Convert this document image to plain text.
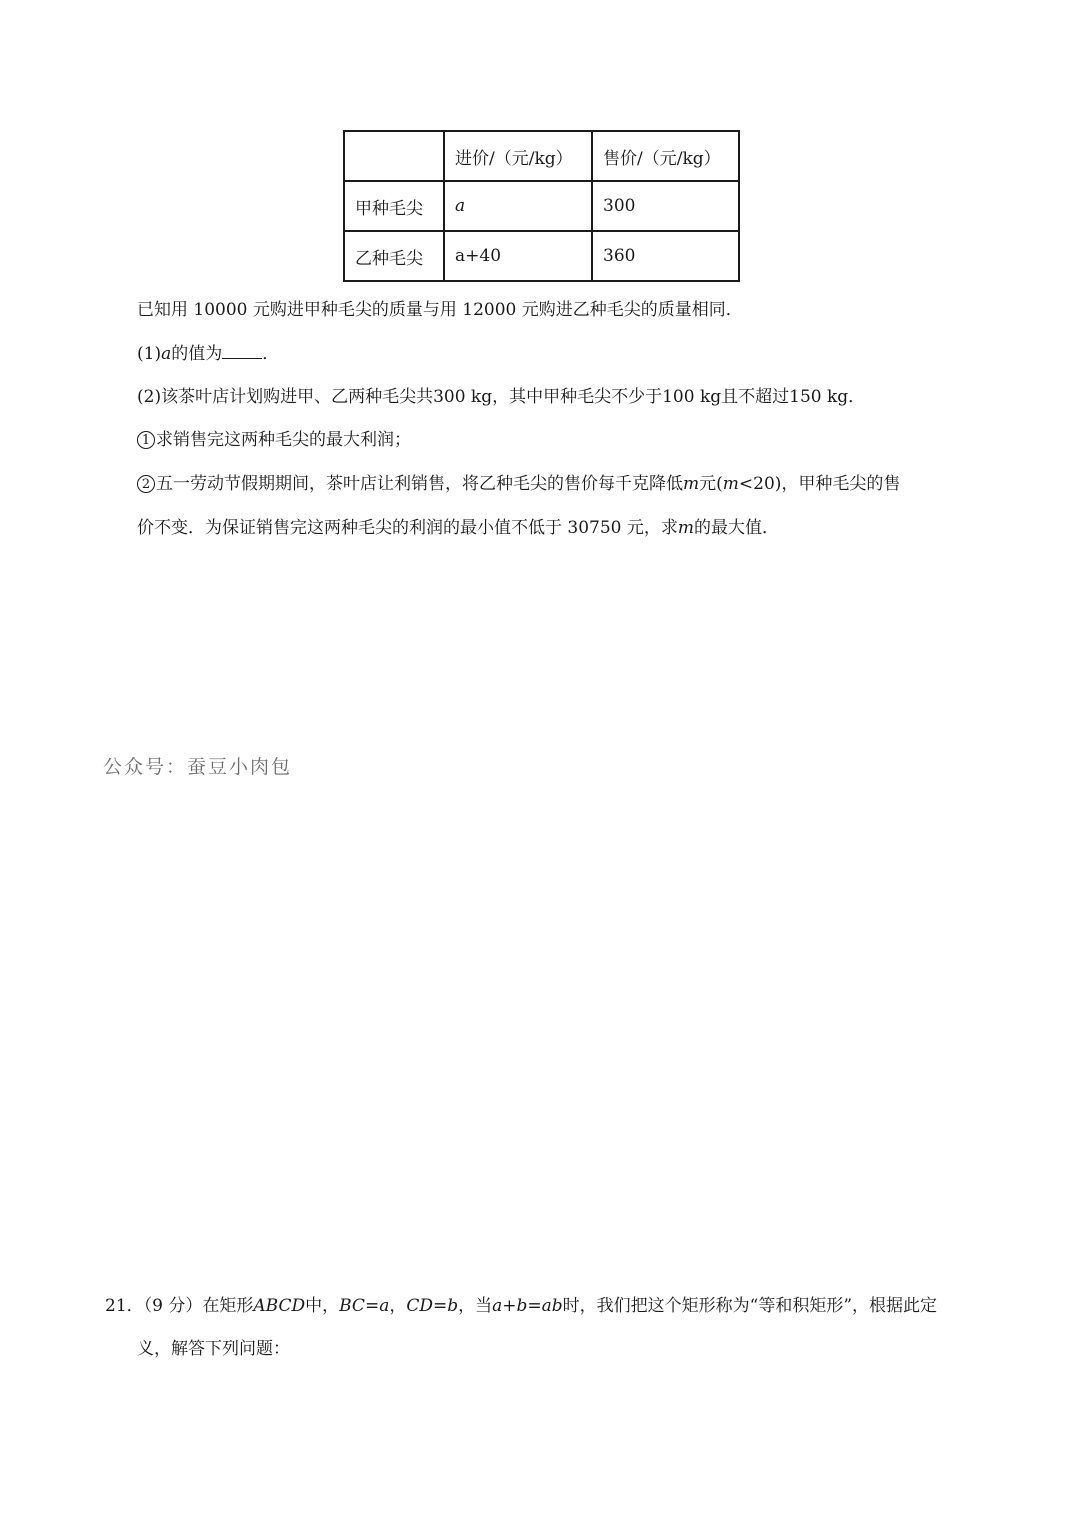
	进价/（元/kg）	售价/（元/kg）
甲种毛尖	a	300
乙种毛尖	a+40	360
已知用 10000 元购进甲种毛尖的质量与用 12000 元购进乙种毛尖的质量相同．
(1)a的值为 ．
(2)该茶叶店计划购进甲、乙两种毛尖共300 kg，其中甲种毛尖不少于100 kg且不超过150 kg．
1 求销售完这两种毛尖的最大利润；
2 五一劳动节假期期间，茶叶店让利销售，将乙种毛尖的售价每千克降低m元(m<20)，甲种毛尖的售
价不变．为保证销售完这两种毛尖的利润的最小值不低于 30750 元，求m的最大值．
公众号：蚕豆小肉包
21．（9 分）在矩形ABCD中，BC=a，CD=b，当a+b=ab时，我们把这个矩形称为“等和积矩形”，根据此定
义，解答下列问题：
